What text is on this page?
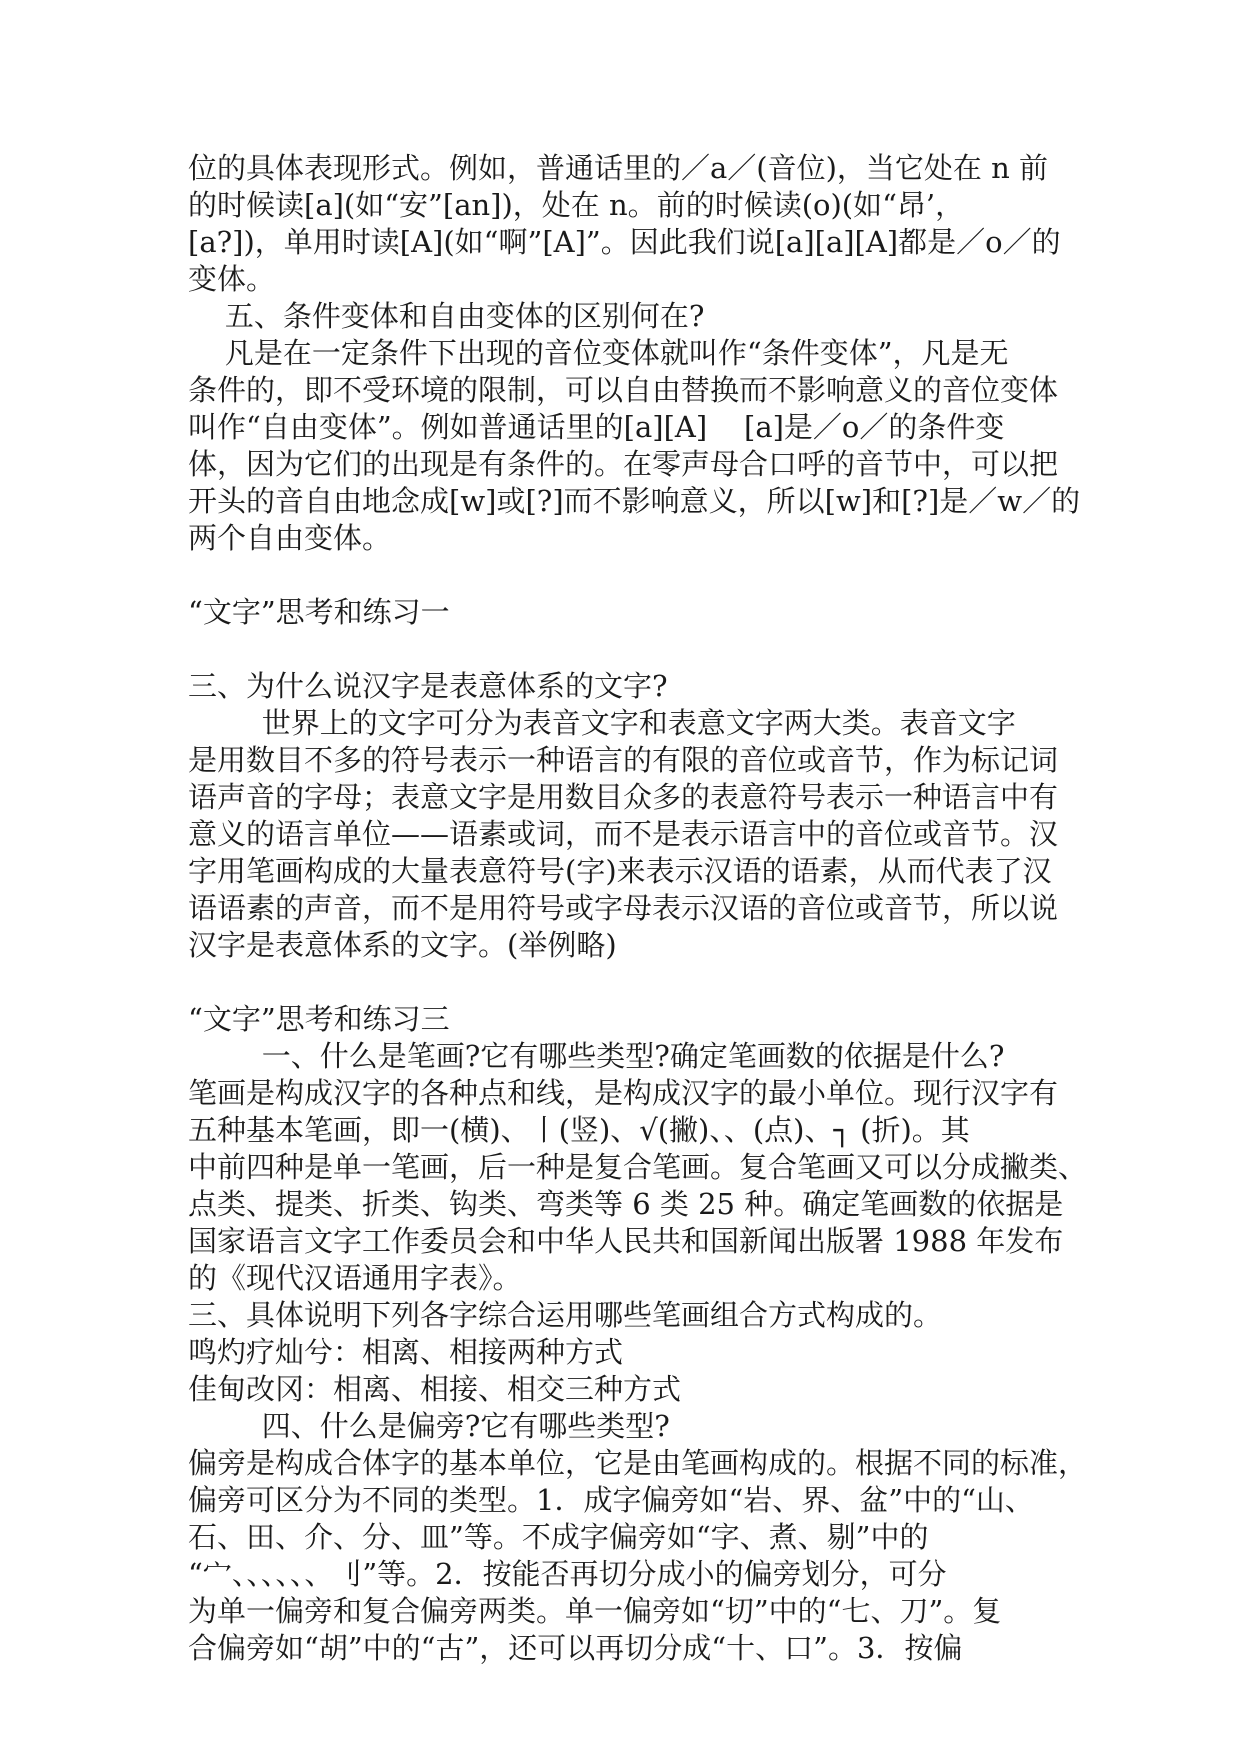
位的具体表现形式。例如，普通话里的／a／(音位)，当它处在 n 前
的时候读[a](如“安”[an])，处在 n。前的时候读(o)(如“昂’，
[a?])，单用时读[A](如“啊”[A]”。因此我们说[a][a][A]都是／o／的
变体。
五、条件变体和自由变体的区别何在?
凡是在一定条件下出现的音位变体就叫作“条件变体”，凡是无
条件的，即不受环境的限制，可以自由替换而不影响意义的音位变体
叫作“自由变体”。例如普通话里的[a][A]    [a]是／o／的条件变
体，因为它们的出现是有条件的。在零声母合口呼的音节中，可以把
开头的音自由地念成[w]或[?]而不影响意义，所以[w]和[?]是／w／的
两个自由变体。
“文字”思考和练习一
三、为什么说汉字是表意体系的文字?
世界上的文字可分为表音文字和表意文字两大类。表音文字
是用数目不多的符号表示一种语言的有限的音位或音节，作为标记词
语声音的字母；表意文字是用数目众多的表意符号表示一种语言中有
意义的语言单位——语素或词，而不是表示语言中的音位或音节。汉
字用笔画构成的大量表意符号(字)来表示汉语的语素，从而代表了汉
语语素的声音，而不是用符号或字母表示汉语的音位或音节，所以说
汉字是表意体系的文字。(举例略)
“文字”思考和练习三
一、什么是笔画?它有哪些类型?确定笔画数的依据是什么?
笔画是构成汉字的各种点和线，是构成汉字的最小单位。现行汉字有
五种基本笔画，即一(横)、丨(竖)、√(撇)、、(点)、┐ (折)。其
中前四种是单一笔画，后一种是复合笔画。复合笔画又可以分成撇类、
点类、提类、折类、钩类、弯类等 6 类 25 种。确定笔画数的依据是
国家语言文字工作委员会和中华人民共和国新闻出版署 1988 年发布
的《现代汉语通用字表》。
三、具体说明下列各字综合运用哪些笔画组合方式构成的。
鸣灼疗灿兮：相离、相接两种方式
佳甸改冈：相离、相接、相交三种方式
四、什么是偏旁?它有哪些类型?
偏旁是构成合体字的基本单位，它是由笔画构成的。根据不同的标准，
偏旁可区分为不同的类型。1．成字偏旁如“岩、界、盆”中的“山、
石、田、介、分、皿”等。不成字偏旁如“字、煮、剔”中的
“宀、、、、、、刂”等。2．按能否再切分成小的偏旁划分，可分
为单一偏旁和复合偏旁两类。单一偏旁如“切”中的“七、刀”。复
合偏旁如“胡”中的“古”，还可以再切分成“十、口”。3．按偏
